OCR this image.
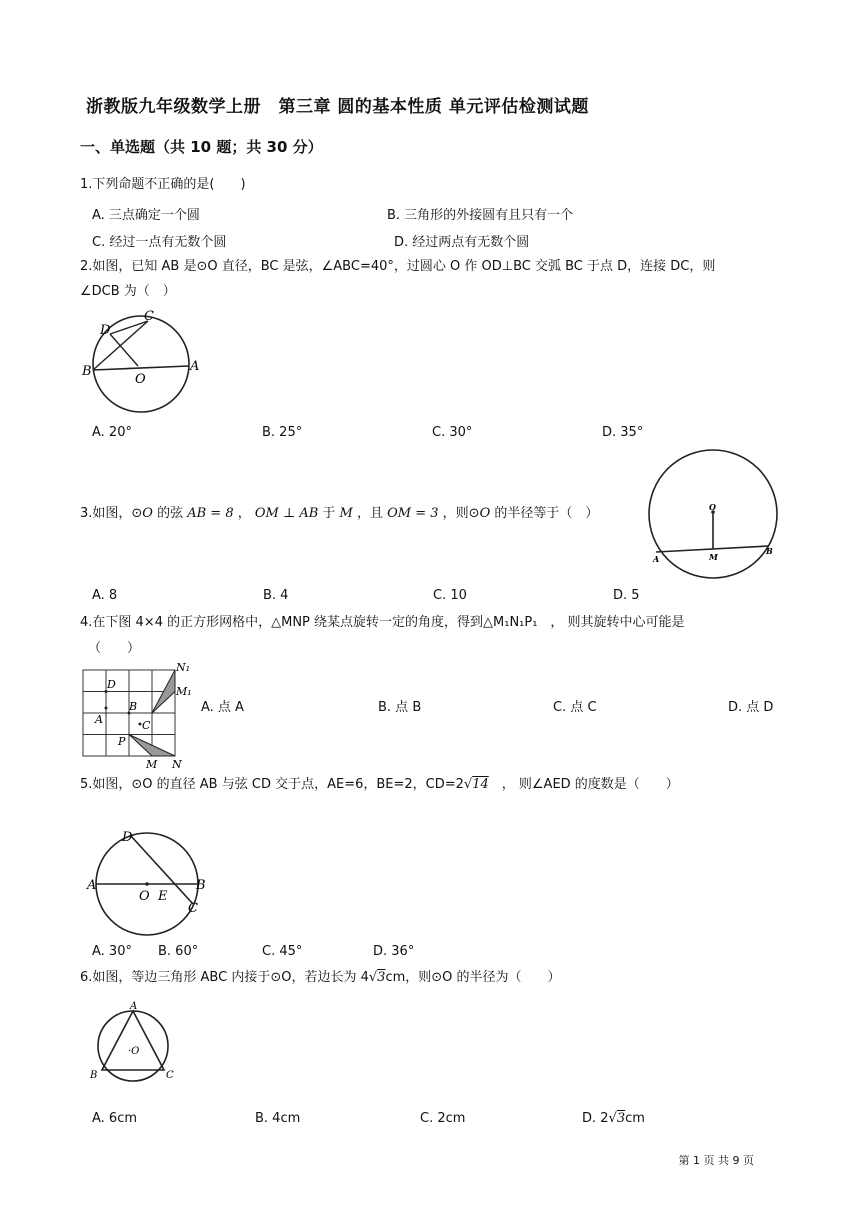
浙教版九年级数学上册　第三章 圆的基本性质 单元评估检测试题
一、单选题（共 10 题；共 30 分）
1.下列命题不正确的是(　　)
A. 三点确定一个圆	B. 三角形的外接圆有且只有一个
C. 经过一点有无数个圆	D. 经过两点有无数个圆
2.如图，已知 AB 是⊙O 直径，BC 是弦，∠ABC=40°，过圆心 O 作 OD⊥BC 交弧 BC 于点 D，连接 DC，则
∠DCB 为（　）
D
C
B
O
A
A. 20°	B. 25°	C. 30°	D. 35°
3.如图，⊙O 的弦 AB = 8 ， OM ⊥ AB 于 M ，且 OM = 3 ，则⊙O 的半径等于（　）	O
A	M
B
A. 8	B. 4	C. 10	D. 5
4.在下图 4×4 的正方形网格中，△MNP 绕某点旋转一定的角度，得到△M₁N₁P₁　， 则其旋转中心可能是
（　　）
N₁
M₁
D
A
B
C
P
M N
A. 点 A	B. 点 B	C. 点 C	D. 点 D
5.如图，⊙O 的直径 AB 与弦 CD 交于点，AE=6，BE=2，CD=2√14　， 则∠AED 的度数是（　　）
D
A	B
O E
C
A. 30° B. 60°	C. 45°	D. 36°
6.如图，等边三角形 ABC 内接于⊙O，若边长为 4√3cm，则⊙O 的半径为（　　）
A
·O
B	C
A. 6cm	B. 4cm	C. 2cm	D. 2√3cm
第 1 页 共 9 页
